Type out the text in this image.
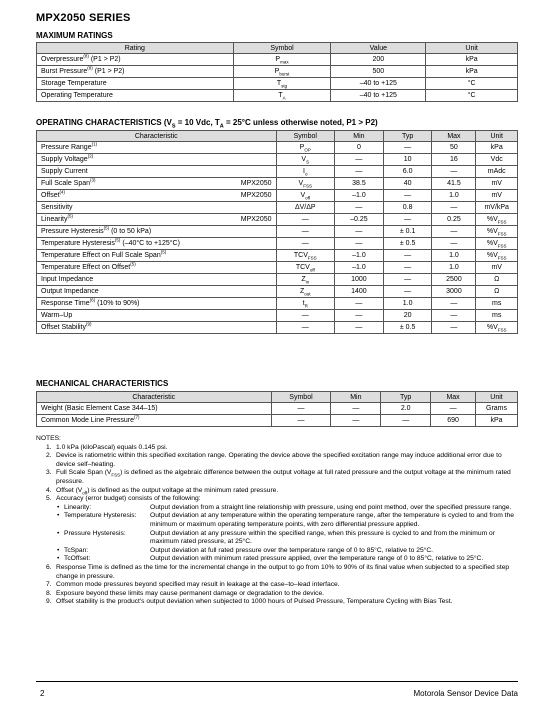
MPX2050 SERIES
MAXIMUM RATINGS
Rating	Symbol	Value	Unit
Overpressure$^{(8)}$ (P1 > P2)	$P_{max}$	200	kPa
Burst Pressure$^{(8)}$ (P1 > P2)	$P_{burst}$	500	kPa
Storage Temperature	$T_{stg}$	–40 to +125	°C
Operating Temperature	$T_A$	–40 to +125	°C
OPERATING CHARACTERISTICS ($V_S = 10$ Vdc, $T_A = 25^\circ C$ unless otherwise noted, P1 > P2)
Characteristic		Symbol	Min	Typ	Max	Unit
Pressure Range$^{(1)}$		$P_{OP}$	0	—	50	kPa
Supply Voltage$^{(2)}$		$V_S$	—	10	16	Vdc
Supply Current		$I_o$	—	6.0	—	mAdc
Full Scale Span$^{(3)}$	MPX2050	$V_{FSS}$	38.5	40	41.5	mV
Offset$^{(4)}$	MPX2050	$V_{off}$	–1.0	—	1.0	mV
Sensitivity		ΔV/ΔP	—	0.8	—	mV/kPa
Linearity$^{(5)}$	MPX2050	—	–0.25	—	0.25	$\%V_{FSS}$
Pressure Hysteresis$^{(5)}$ (0 to 50 kPa)		—	—	± 0.1	—	$\%V_{FSS}$
Temperature Hysteresis$^{(5)}$ (–40°C to +125°C)		—	—	± 0.5	—	$\%V_{FSS}$
Temperature Effect on Full Scale Span$^{(5)}$		$TCV_{FSS}$	–1.0	—	1.0	$\%V_{FSS}$
Temperature Effect on Offset$^{(5)}$		$TCV_{off}$	–1.0	—	1.0	mV
Input Impedance		$Z_{in}$	1000	—	2500	Ω
Output Impedance		$Z_{out}$	1400	—	3000	Ω
Response Time$^{(6)}$ (10% to 90%)		$t_R$	—	1.0	—	ms
Warm–Up		—	—	20	—	ms
Offset Stability$^{(9)}$		—	—	± 0.5	—	$\%V_{FSS}$
MECHANICAL CHARACTERISTICS
Characteristic	Symbol	Min	Typ	Max	Unit
Weight (Basic Element Case 344–15)	—	—	2.0	—	Grams
Common Mode Line Pressure$^{(7)}$	—	—	—	690	kPa
NOTES:
1. 1.0 kPa (kiloPascal) equals 0.145 psi.
2. Device is ratiometric within this specified excitation range. Operating the device above the specified excitation range may induce additional error due to device self–heating.
3. Full Scale Span $(V_{FSS})$ is defined as the algebraic difference between the output voltage at full rated pressure and the output voltage at the minimum rated pressure.
4. Offset $(V_{off})$ is defined as the output voltage at the minimum rated pressure.
5. Accuracy (error budget) consists of the following:
• Linearity:	Output deviation from a straight line relationship with pressure, using end point method, over the specified pressure range.
• Temperature Hysteresis: Output deviation at any temperature within the operating temperature range, after the temperature is cycled to and from the minimum or maximum operating temperature points, with zero differential pressure applied.
• Pressure Hysteresis:	Output deviation at any pressure within the specified range, when this pressure is cycled to and from the minimum or maximum rated pressure, at 25°C.
• TcSpan:	Output deviation at full rated pressure over the temperature range of 0 to 85°C, relative to 25°C.
• TcOffset:	Output deviation with minimum rated pressure applied, over the temperature range of 0 to 85°C, relative to 25°C.
6. Response Time is defined as the time for the incremental change in the output to go from 10% to 90% of its final value when subjected to a specified step change in pressure.
7. Common mode pressures beyond specified may result in leakage at the case–to–lead interface.
8. Exposure beyond these limits may cause permanent damage or degradation to the device.
9. Offset stability is the product's output deviation when subjected to 1000 hours of Pulsed Pressure, Temperature Cycling with Bias Test.
2	Motorola Sensor Device Data
